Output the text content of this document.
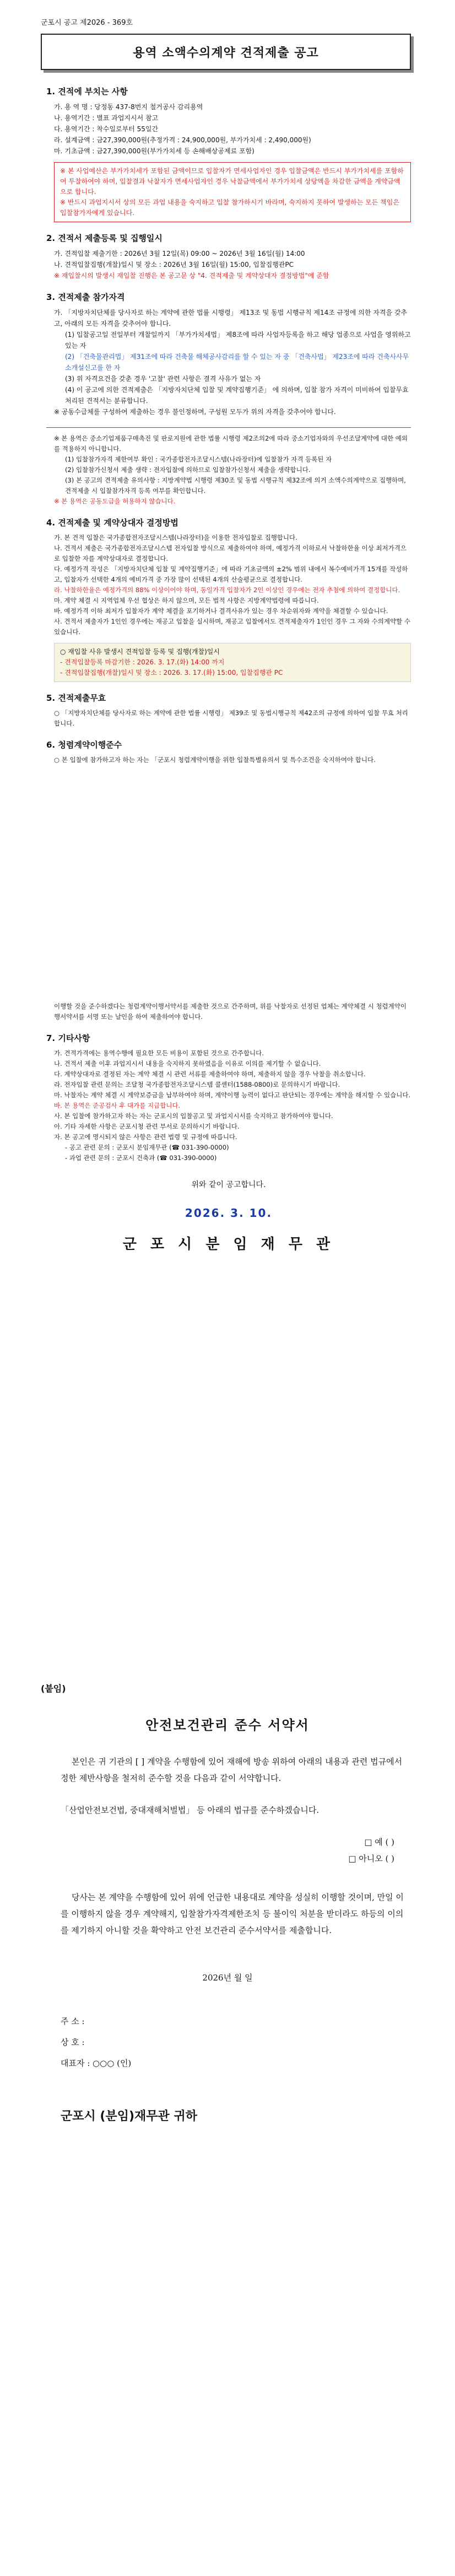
군포시 공고 제2026 - 369호
용역 소액수의계약 견적제출 공고
1. 견적에 부치는 사항
가. 용 역 명 : 당정동 437-8번지 철거공사 감리용역
나. 용역기간 : 별표 과업지시서 참고
다. 용역기간 : 착수일로부터 55일간
라. 설계금액 : 금27,390,000원(추정가격 : 24,900,000원, 부가가치세 : 2,490,000원)
마. 기초금액 : 금27,390,000원(부가가치세 등 손해배상공제료 포함)
※ 본 사업예산은 부가가치세가 포함된 금액이므로 입찰자가 면세사업자인 경우 입찰금액은 반드시 부가가치세를 포함하여 투찰하여야 하며, 입찰결과 낙찰자가 면세사업자인 경우 낙찰금액에서 부가가치세 상당액을 차감한 금액을 계약금액으로 합니다.
※ 반드시 과업지시서 상의 모든 과업 내용을 숙지하고 입찰 참가하시기 바라며, 숙지하지 못하여 발생하는 모든 책임은 입찰참가자에게 있습니다.
2. 견적서 제출등록 및 집행일시
가. 견적입찰 제출기한 : 2026년 3월 12일(목) 09:00 ~ 2026년 3월 16일(월) 14:00
나. 견적입찰집행(개찰)일시 및 장소 : 2026년 3월 16일(월) 15:00, 입찰집행관PC
※ 재입찰시의 발생시 재입찰 진행은 본 공고문 상 "4. 견적제출 및 계약상대자 결정방법"에 준함
3. 견적제출 참가자격
가. 「지방자치단체를 당사자로 하는 계약에 관한 법률 시행령」 제13조 및 동법 시행규칙 제14조 규정에 의한 자격을 갖추고, 아래의 모든 자격을 갖추어야 합니다.
(1) 입찰공고일 전일부터 개찰일까지 「부가가치세법」 제8조에 따라 사업자등록을 하고 해당 업종으로 사업을 영위하고 있는 자
(2) 「건축물관리법」 제31조에 따라 건축물 해체공사감리를 할 수 있는 자 중 「건축사법」 제23조에 따라 건축사사무소개설신고를 한 자
(3) 위 자격요건을 갖춘 경우 '고찰' 관련 사항은 결격 사유가 없는 자
(4) 이 공고에 의한 견적제출은 「지방자치단체 입찰 및 계약집행기준」 에 의하며, 입찰 참가 자격이 미비하여 입찰무효 처리된 견적서는 분류합니다.
※ 공동수급체를 구성하여 제출하는 경우 불인정하며, 구성원 모두가 위의 자격을 갖추어야 합니다.
※ 본 용역은 중소기업제품구매촉진 및 판로지원에 관한 법률 시행령 제2조의2에 따라 중소기업자와의 우선조달계약에 대한 예외를 적용하지 아니합니다.
(1) 입찰참가자격 제한여부 확인 : 국가종합전자조달시스템(나라장터)에 입찰참가 자격 등록된 자
(2) 입찰참가신청서 제출 생략 : 전자입찰에 의하므로 입찰참가신청서 제출을 생략합니다.
(3) 본 공고의 견적제출 유의사항 : 지방계약법 시행령 제30조 및 동법 시행규칙 제32조에 의거 소액수의계약으로 집행하며, 견적제출 시 입찰참가자격 등록 여부를 확인합니다.
※ 본 용역은 공동도급을 허용하지 않습니다.
4. 견적제출 및 계약상대자 결정방법
가. 본 견적 입찰은 국가종합전자조달시스템(나라장터)을 이용한 전자입찰로 집행합니다.
나. 견적서 제출은 국가종합전자조달시스템 전자입찰 방식으로 제출하여야 하며, 예정가격 이하로서 낙찰하한율 이상 최저가격으로 입찰한 자를 계약상대자로 결정합니다.
다. 예정가격 작성은 「지방자치단체 입찰 및 계약집행기준」에 따라 기초금액의 ±2% 범위 내에서 복수예비가격 15개를 작성하고, 입찰자가 선택한 4개의 예비가격 중 가장 많이 선택된 4개의 산술평균으로 결정합니다.
라. 낙찰하한율은 예정가격의 88% 이상이어야 하며, 동일가격 입찰자가 2인 이상인 경우에는 전자 추첨에 의하여 결정합니다.
마. 계약 체결 시 지역업체 우선 협상은 하지 않으며, 모든 법적 사항은 지방계약법령에 따릅니다.
바. 예정가격 이하 최저가 입찰자가 계약 체결을 포기하거나 결격사유가 있는 경우 차순위자와 계약을 체결할 수 있습니다.
사. 견적서 제출자가 1인인 경우에는 재공고 입찰을 실시하며, 재공고 입찰에서도 견적제출자가 1인인 경우 그 자와 수의계약할 수 있습니다.
○ 재입찰 사유 발생시 견적입찰 등록 및 집행(개찰)일시
- 견적입찰등록 마감기한 : 2026. 3. 17.(화) 14:00 까지
- 견적입찰집행(개찰)일시 및 장소 : 2026. 3. 17.(화) 15:00, 입찰집행관 PC
5. 견적제출무효
○ 「지방자치단체를 당사자로 하는 계약에 관한 법률 시행령」 제39조 및 동법시행규칙 제42조의 규정에 의하여 입찰 무효 처리합니다.
6. 청렴계약이행준수
○ 본 입찰에 참가하고자 하는 자는 「군포시 청렴계약이행을 위한 입찰특별유의서 및 특수조건을 숙지하여야 합니다.
이행할 것을 준수하겠다는 청렴계약이행서약서를 제출한 것으로 간주하며, 위를 낙찰자로 선정된 업체는 계약체결 시 청렴계약이행서약서를 서명 또는 날인을 하여 제출하여야 합니다.
7. 기타사항
가. 견적가격에는 용역수행에 필요한 모든 비용이 포함된 것으로 간주합니다.
나. 견적서 제출 이후 과업지시서 내용을 숙지하지 못하였음을 이유로 이의를 제기할 수 없습니다.
다. 계약상대자로 결정된 자는 계약 체결 시 관련 서류를 제출하여야 하며, 제출하지 않을 경우 낙찰을 취소합니다.
라. 전자입찰 관련 문의는 조달청 국가종합전자조달시스템 콜센터(1588-0800)로 문의하시기 바랍니다.
마. 낙찰자는 계약 체결 시 계약보증금을 납부하여야 하며, 계약이행 능력이 없다고 판단되는 경우에는 계약을 해지할 수 있습니다.
바. 본 용역은 준공검사 후 대가를 지급합니다.
사. 본 입찰에 참가하고자 하는 자는 군포시의 입찰공고 및 과업지시서를 숙지하고 참가하여야 합니다.
아. 기타 자세한 사항은 군포시청 관련 부서로 문의하시기 바랍니다.
자. 본 공고에 명시되지 않은 사항은 관련 법령 및 규정에 따릅니다.
- 공고 관련 문의 : 군포시 분임재무관 (☎ 031-390-0000)
- 과업 관련 문의 : 군포시 건축과 (☎ 031-390-0000)
위와 같이 공고합니다.
2026. 3. 10.
군 포 시 분 임 재 무 관
(붙임)
안전보건관리 준수 서약서

본인은 귀 기관의 [ ] 계약을 수행함에 있어 재해에 방송 위하여 아래의 내용과 관련 법규에서 정한 제반사항을 철저히 준수할 것을 다음과 같이 서약합니다.

「산업안전보건법, 중대재해처벌법」 등 아래의 법규를 준수하겠습니다.

□ 예 ( )
□ 아니오 ( )

당사는 본 계약을 수행함에 있어 위에 언급한 내용대로 계약을 성실히 이행할 것이며, 만일 이를 이행하지 않을 경우 계약해지, 입찰참가자격제한조치 등 불이익 처분을 받더라도 하등의 이의를 제기하지 아니할 것을 확약하고 안전 보건관리 준수서약서를 제출합니다.

2026년 월 일
주 소 :
상 호 :
대표자 : ○○○ (인)
군포시 (분임)재무관 귀하
